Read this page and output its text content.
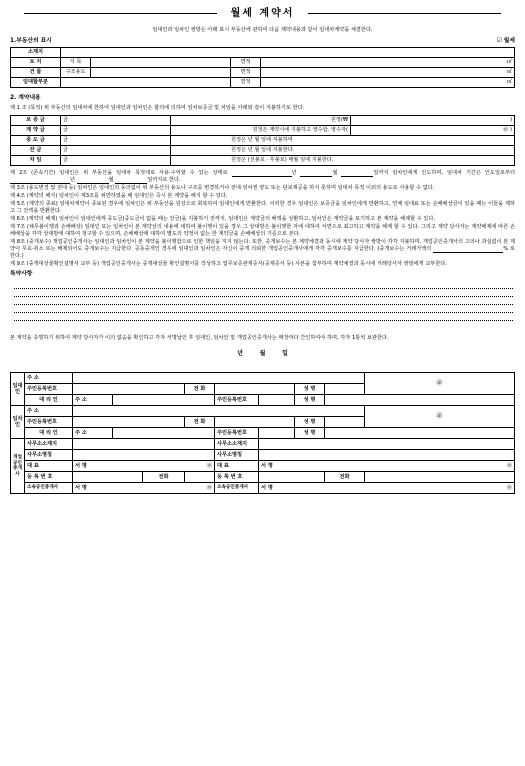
월세 계약서
임대인과 임차인 쌍방은 아래 표시 부동산에 관하여 다음 계약내용과 같이 임대차계약을 체결한다.
1.부동산의 표시	☑ 월세
소재지				
토 지	지 목		면적	㎡
건 물	구조용도		면적	㎡
임대할부분			면적	㎡
2. 계약내용
제 1 조 (목적) 위 부동산의 임대차에 한하여 임대인과 임차인은 합의에 의하여 임차보증금 및 차임을 아래와 같이 지불하기로 한다.
보 증 금	금	원정(₩	)
계 약 금	금	원정은 계약시에 지불하고 영수함. 영수자(	㊞ )
중 도 금	금	원정은 년 월 일에 지불하며	
잔 금	금	원정은 년 월 일에 지불한다.	
차 임	금	원정은 (선불로 · 후불로) 매월 일에 지불한다.	
제 2조 (존속기간) 임대인은 위 부동산을 임대차 목적대로 사용·수익할 수 있는 상태로	년	월	일까지 임차인에게 인도하며, 임대차 기간은 인도일로부터 년	월	일까지로 한다.
제 3조 (용도변경 및 전대 등) 임차인은 임대인의 동의없이 위 부동산의 용도나 구조를 변경하거나 전대·임차권 양도 또는 담보제공을 하지 못하며 임대차 목적 이외의 용도로 사용할 수 없다.
제 4조 (계약의 해지) 임차인이 제3조를 위반하였을 때 임대인은 즉시 본 계약을 해지 할 수 있다.
제 5조 (계약의 종료) 임대차계약이 종료된 경우에 임차인은 위 부동산을 원상으로 회복하여 임대인에게 반환한다. 이러한 경우 임대인은 보증금을 임차인에게 반환하고, 연체 임대료 또는 손해배상금이 있을 때는 이들을 제하고 그 잔액을 반환한다.
제 6조 (계약의 해제) 임차인이 임대인에게 중도금(중도금이 없을 때는 잔금)을 지불하기 전까지, 임대인은 계약금의 배액을 상환하고, 임차인은 계약금을 포기하고 본 계약을 해제할 수 있다.
제 7조 (채무불이행과 손해배상) 임대인 또는 임차인이 본 계약상의 내용에 대하여 불이행이 있을 경우 그 상대방은 불이행한 자에 대하여 서면으로 최고하고 계약을 해제 할 수 있다. 그리고 계약 당사자는 계약해제에 따른 손해배상을 각각 상대방에 대하여 청구할 수 있으며, 손해배상에 대하여 별도의 약정이 없는 한 계약금을 손해배상의 기준으로 본다.
제 8조 (중개보수) 개업공인중개사는 임대인과 임차인이 본 계약을 불이행함으로 인한 책임을 지지 않는다. 또한, 중개보수는 본 계약체결과 동시에 계약 당사자 쌍방이 각각 지불하며, 개업공인중개사의 고의나 과실없이 본 계약이 무효·취소 또는 해제되어도 중개보수는 지급한다. 공동중개인 경우에 임대인과 임차인은 자신이 중개 의뢰한 개업공인중개사에게 각각 중개보수를 지급한다. (중개보수는 거래가액의	% 로 한다.)
제 9조 (중개대상물확인설명서 교부 등) 개업공인중개사는 중개대상물 확인설명서를 작성하고 업무보증관계증서(공제증서 등) 사본을 첨부하여 계약체결과 동시에 거래당사자 쌍방에게 교부한다.
특약사항
본 계약을 증명하기 위하여 계약 당사자가 이의 없음을 확인하고 각자 서명날인 후 임대인, 임차인 및 개업공인중개사는 매장마다 간인하여야 하며, 각자 1통씩 보관한다.
년        월        일
임대인	주 소									㊞
	주민등록번호				전 화			성 명		
	대 리 인	주 소				주민등록번호		성 명		
임차인	주 소									㊞
	주민등록번호				전 화			성 명		
	대 리 인	주 소				주민등록번호		성 명		
개업공인중개사	사무소소재지					사무소소재지				
	사무소명칭					사무소명칭				
	대 표	서 명 ㊞				대 표	서 명 ㊞			

	등 록 번 호			전화		등 록 번 호			전화	
	소속공인중개사	서 명 ㊞				소속공인중개사	서 명 ㊞			
